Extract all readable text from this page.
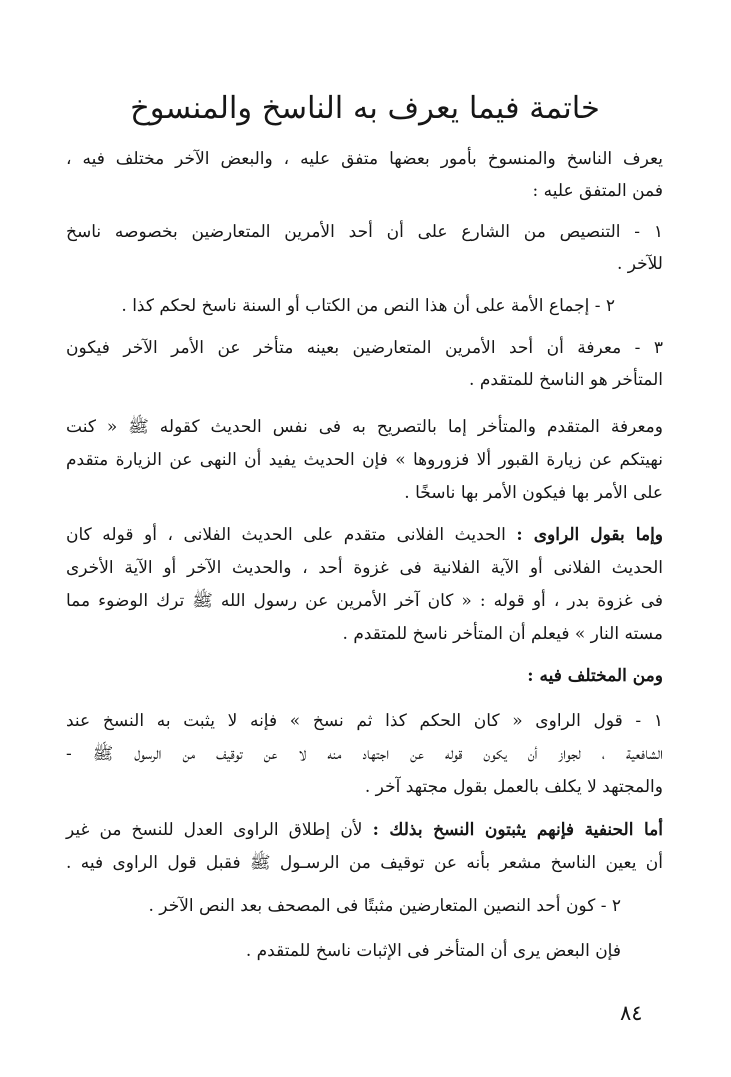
خاتمة فيما يعرف به الناسخ والمنسوخ

يعرف الناسخ والمنسوخ بأمور بعضها متفق عليه ، والبعض الآخر مختلف فيه ،

فمن المتفق عليه :

١ - التنصيص من الشارع على أن أحد الأمرين المتعارضين بخصوصه ناسخ

للآخر .

٢ - إجماع الأمة على أن هذا النص من الكتاب أو السنة ناسخ لحكم كذا .

٣ - معرفة أن أحد الأمرين المتعارضين بعينه متأخر عن الأمر الآخر فيكون

المتأخر هو الناسخ للمتقدم .

ومعرفة المتقدم والمتأخر إما بالتصريح به فى نفس الحديث كقوله ﷺ « كنت

نهيتكم عن زيارة القبور ألا فزوروها » فإن الحديث يفيد أن النهى عن الزيارة متقدم

على الأمر بها فيكون الأمر بها ناسخًا .

وإما بقول الراوى : الحديث الفلانى متقدم على الحديث الفلانى ، أو قوله كان

الحديث الفلانى أو الآية الفلانية فى غزوة أحد ، والحديث الآخر أو الآية الأخرى

فى غزوة بدر ، أو قوله : « كان آخر الأمرين عن رسول الله ﷺ ترك الوضوء مما

مسته النار » فيعلم أن المتأخر ناسخ للمتقدم .

ومن المختلف فيه :

١ - قول الراوى « كان الحكم كذا ثم نسخ » فإنه لا يثبت به النسخ عند

الشافعية ، لجواز أن يكون قوله عن اجتهاد منه لا عن توقيف من الرسول ﷺ -

والمجتهد لا يكلف بالعمل بقول مجتهد آخر .

أما الحنفية فإنهم يثبتون النسخ بذلك : لأن إطلاق الراوى العدل للنسخ من غير

أن يعين الناسخ مشعر بأنه عن توقيف من الرسـول ﷺ فقبل قول الراوى فيه .

٢ - كون أحد النصين المتعارضين مثبتًا فى المصحف بعد النص الآخر .

فإن البعض يرى أن المتأخر فى الإثبات ناسخ للمتقدم .

٨٤
